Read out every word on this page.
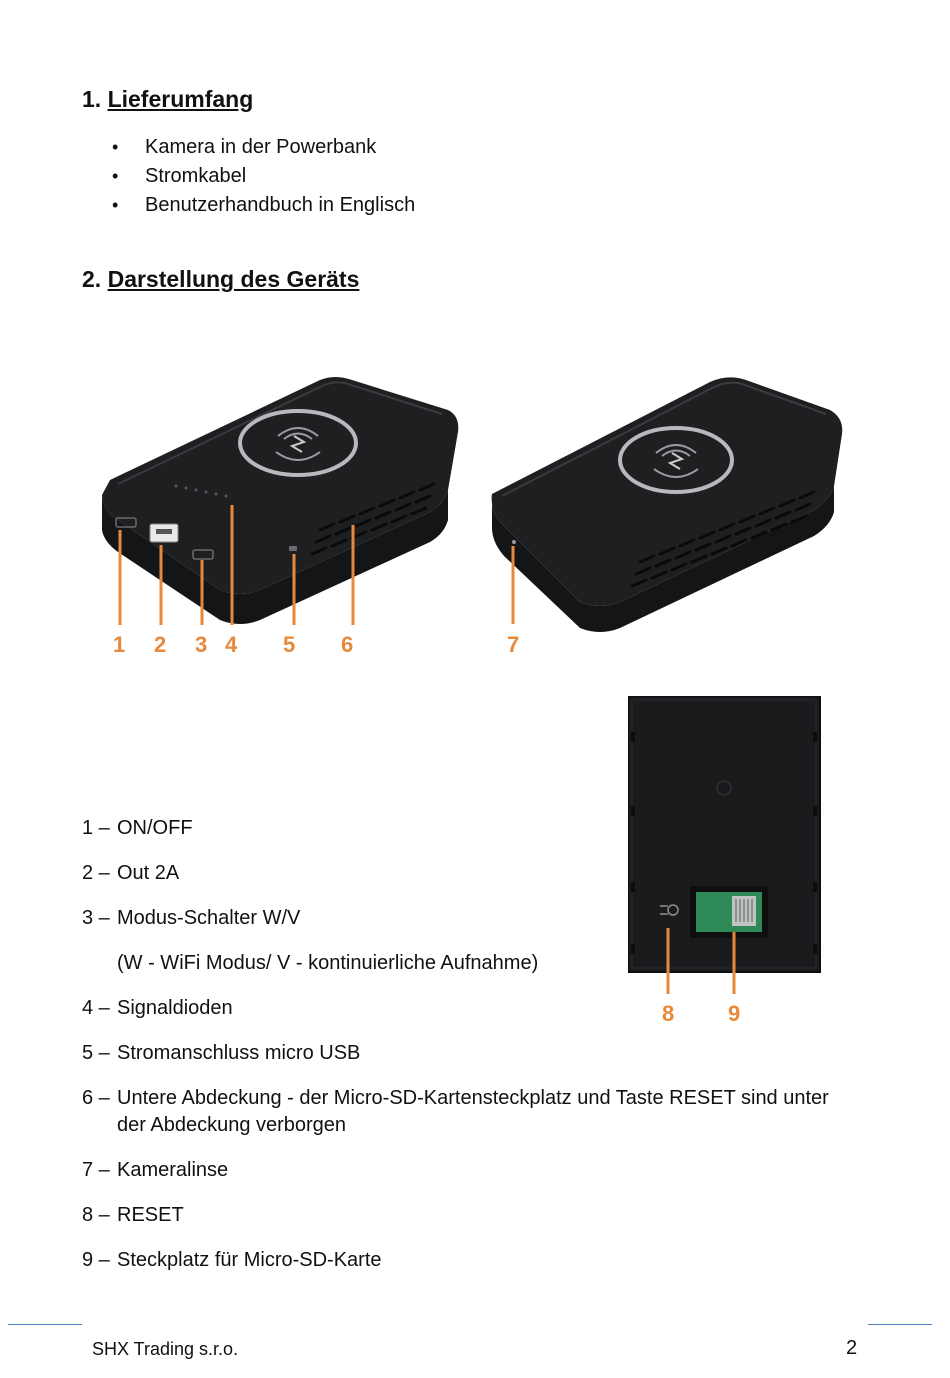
1. Lieferumfang
• Kamera in der Powerbank
• Stromkabel
• Benutzerhandbuch in Englisch
2. Darstellung des Geräts
1 2 3 4 5 6	7
8 9
1 – ON/OFF
2 – Out 2A
3 – Modus-Schalter W/V
(W - WiFi Modus/ V - kontinuierliche Aufnahme)
4 – Signaldioden
5 – Stromanschluss micro USB
6 – Untere Abdeckung - der Micro-SD-Kartensteckplatz und Taste RESET sind unter
der Abdeckung verborgen
7 – Kameralinse
8 – RESET
9 – Steckplatz für Micro-SD-Karte
SHX Trading s.r.o.	2
